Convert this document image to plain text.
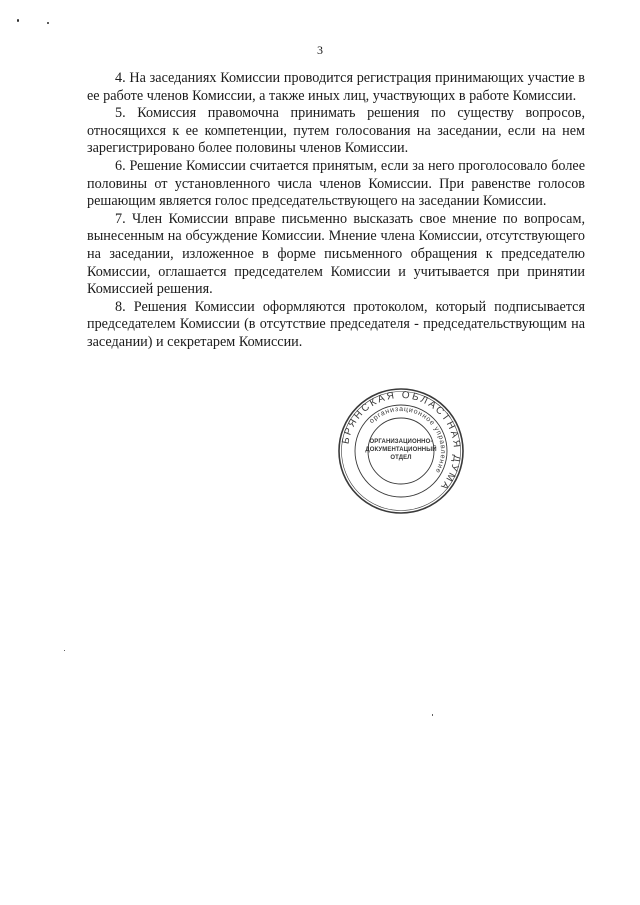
3

4. На заседаниях Комиссии проводится регистрация принимающих участие в ее работе членов Комиссии, а также иных лиц, участвующих в работе Комиссии.

5. Комиссия правомочна принимать решения по существу вопросов, относящихся к ее компетенции, путем голосования на заседании, если на нем зарегистрировано более половины членов Комиссии.

6. Решение Комиссии считается принятым, если за него проголосовало более половины от установленного числа членов Комиссии. При равенстве голосов решающим является голос председательствующего на заседании Комиссии.

7. Член Комиссии вправе письменно высказать свое мнение по вопросам, вынесенным на обсуждение Комиссии. Мнение члена Комиссии, отсутствующего на заседании, изложенное в форме письменного обращения к председателю Комиссии, оглашается председателем Комиссии и учитывается при принятии Комиссией решения.

8. Решения Комиссии оформляются протоколом, который подписывается председателем Комиссии (в отсутствие председателя - председательствующим на заседании) и секретарем Комиссии.

БРЯНСКАЯ ОБЛАСТНАЯ ДУМА
организационное управление
ОРГАНИЗАЦИОННО-
ДОКУМЕНТАЦИОННЫЙ
ОТДЕЛ
